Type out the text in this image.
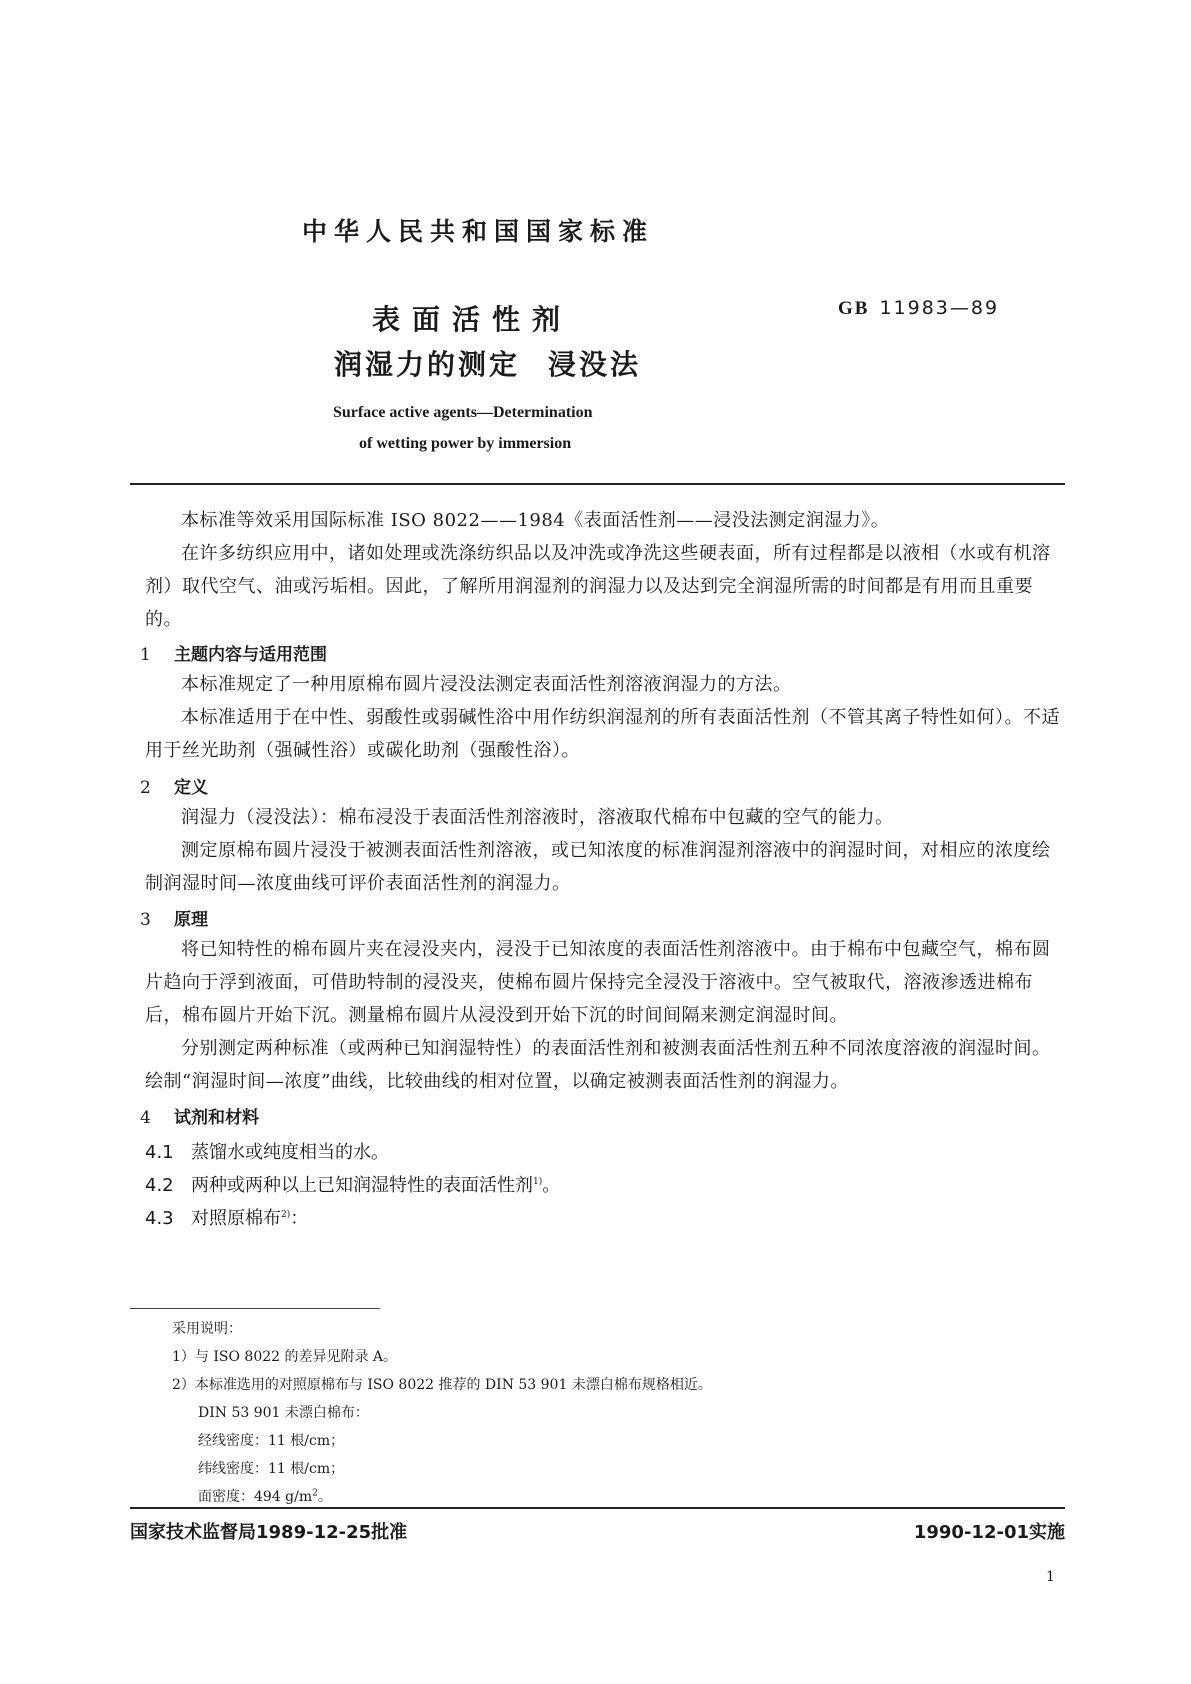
中华人民共和国国家标准
表面活性剂
润湿力的测定 浸没法
GB 11983—89
Surface active agents—Determination
of wetting power by immersion
本标准等效采用国际标准 ISO 8022——1984《表面活性剂——浸没法测定润湿力》。
在许多纺织应用中，诸如处理或洗涤纺织品以及冲洗或净洗这些硬表面，所有过程都是以液相（水或有机溶剂）取代空气、油或污垢相。因此，了解所用润湿剂的润湿力以及达到完全润湿所需的时间都是有用而且重要的。
1 主题内容与适用范围
本标准规定了一种用原棉布圆片浸没法测定表面活性剂溶液润湿力的方法。
本标准适用于在中性、弱酸性或弱碱性浴中用作纺织润湿剂的所有表面活性剂（不管其离子特性如何）。不适用于丝光助剂（强碱性浴）或碳化助剂（强酸性浴）。
2 定义
润湿力（浸没法）：棉布浸没于表面活性剂溶液时，溶液取代棉布中包藏的空气的能力。
测定原棉布圆片浸没于被测表面活性剂溶液，或已知浓度的标准润湿剂溶液中的润湿时间，对相应的浓度绘制润湿时间—浓度曲线可评价表面活性剂的润湿力。
3 原理
将已知特性的棉布圆片夹在浸没夹内，浸没于已知浓度的表面活性剂溶液中。由于棉布中包藏空气，棉布圆片趋向于浮到液面，可借助特制的浸没夹，使棉布圆片保持完全浸没于溶液中。空气被取代，溶液渗透进棉布后，棉布圆片开始下沉。测量棉布圆片从浸没到开始下沉的时间间隔来测定润湿时间。
分别测定两种标准（或两种已知润湿特性）的表面活性剂和被测表面活性剂五种不同浓度溶液的润湿时间。绘制“润湿时间—浓度”曲线，比较曲线的相对位置，以确定被测表面活性剂的润湿力。
4 试剂和材料
4.1 蒸馏水或纯度相当的水。
4.2 两种或两种以上已知润湿特性的表面活性剂$^{1)}$。
4.3 对照原棉布$^{2)}$：
采用说明：
1）与 ISO 8022 的差异见附录 A。
2）本标准选用的对照原棉布与 ISO 8022 推荐的 DIN 53 901 未漂白棉布规格相近。
DIN 53 901 未漂白棉布：
经线密度：11 根/cm；
纬线密度：11 根/cm；
面密度：494 $g/m^2$。
国家技术监督局1989-12-25批准	1990-12-01实施
1
